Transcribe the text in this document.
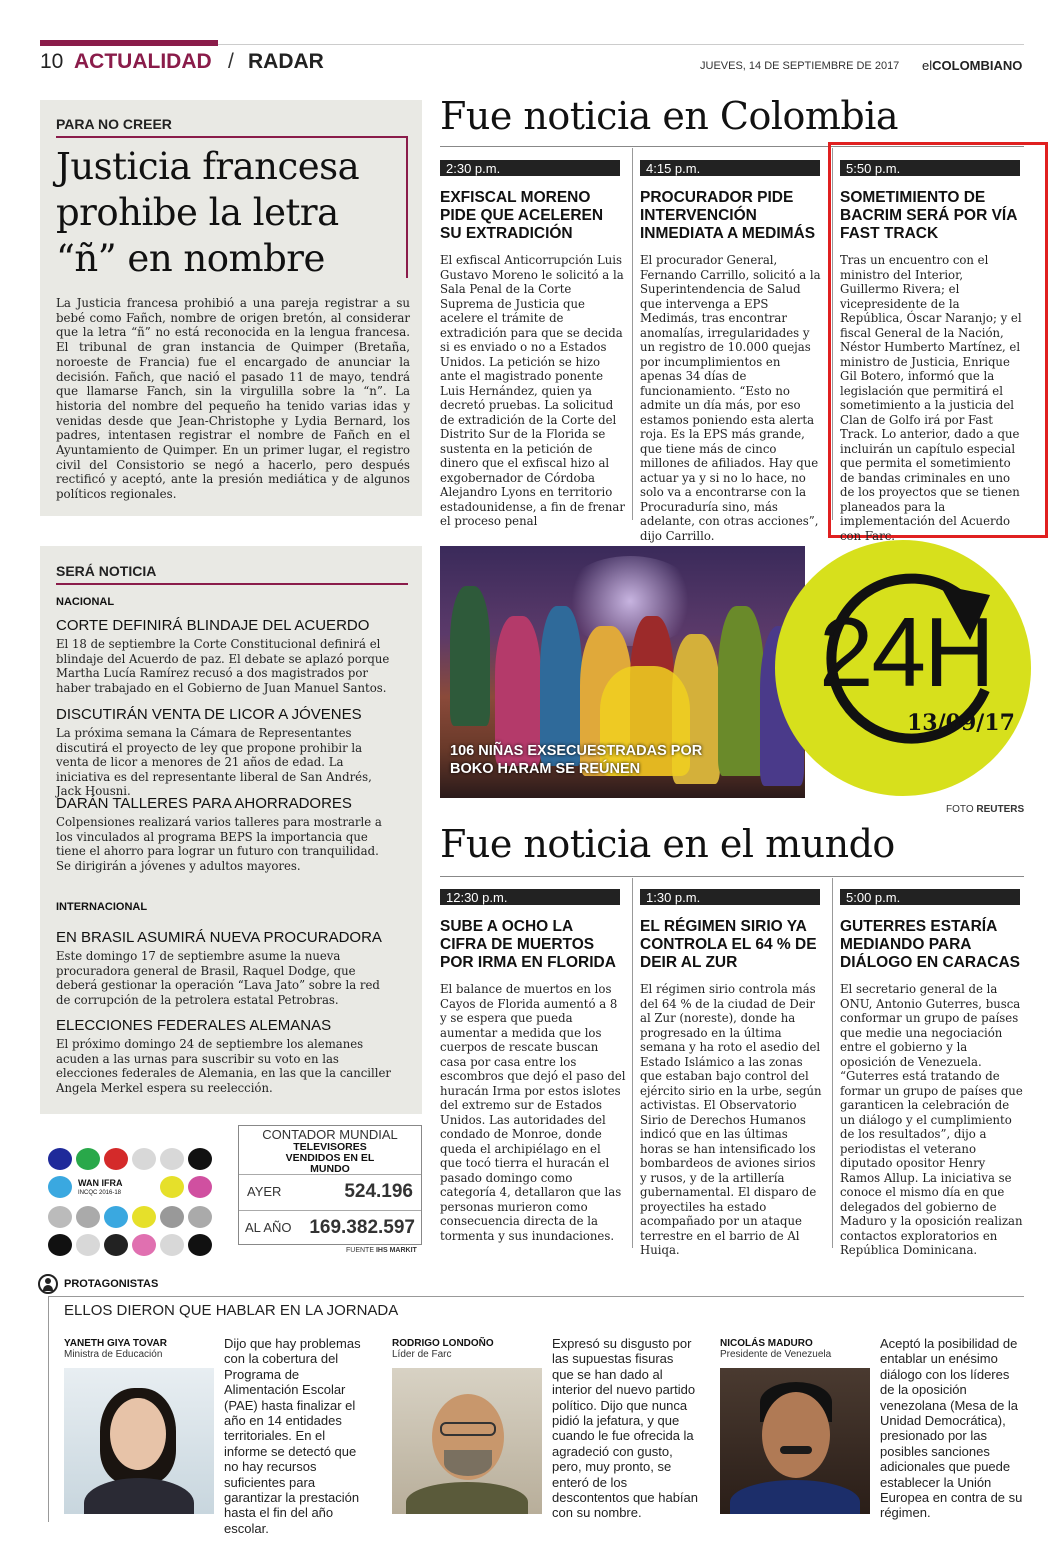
10 ACTUALIDAD / RADAR	JUEVES, 14 DE SEPTIEMBRE DE 2017 elCOLOMBIANO
PARA NO CREER
Justicia francesa
prohibe la letra
“ñ” en nombre
La Justicia francesa prohibió a una pareja registrar a su bebé como Fañch, nombre de origen bretón, al considerar que la letra “ñ” no está reconocida en la lengua francesa. El tribunal de gran instancia de Quimper (Bretaña, noroeste de Francia) fue el encargado de anunciar la decisión. Fañch, que nació el pasado 11 de mayo, tendrá que llamarse Fanch, sin la virgulilla sobre la “n”. La historia del nombre del pequeño ha tenido varias idas y venidas desde que Jean-Christophe y Lydia Bernard, los padres, intentasen registrar el nombre de Fañch en el Ayuntamiento de Quimper. En un primer lugar, el registro civil del Consistorio se negó a hacerlo, pero después rectificó y aceptó, ante la presión mediática y de algunos políticos regionales.
Fue noticia en Colombia
2:30 p.m.
EXFISCAL MORENO PIDE QUE ACELEREN SU EXTRADICIÓN
El exfiscal Anticorrupción Luis Gustavo Moreno le solicitó a la Sala Penal de la Corte Suprema de Justicia que acelere el trámite de extradición para que se decida si es enviado o no a Estados Unidos. La petición se hizo ante el magistrado ponente Luis Hernández, quien ya decretó pruebas. La solicitud de extradición de la Corte del Distrito Sur de la Florida se sustenta en la petición de dinero que el exfiscal hizo al exgobernador de Córdoba Alejandro Lyons en territorio estadounidense, a fin de frenar el proceso penal
4:15 p.m.
PROCURADOR PIDE INTERVENCIÓN INMEDIATA A MEDIMÁS
El procurador General, Fernando Carrillo, solicitó a la Superintendencia de Salud que intervenga a EPS Medimás, tras encontrar anomalías, irregularidades y un registro de 10.000 quejas por incumplimientos en apenas 34 días de funcionamiento. “Esto no admite un día más, por eso estamos poniendo esta alerta roja. Es la EPS más grande, que tiene más de cinco millones de afiliados. Hay que actuar ya y si no lo hace, no solo va a encontrarse con la Procuraduría sino, más adelante, con otras acciones”, dijo Carrillo.
5:50 p.m.
SOMETIMIENTO DE BACRIM SERÁ POR VÍA FAST TRACK
Tras un encuentro con el ministro del Interior, Guillermo Rivera; el vicepresidente de la República, Óscar Naranjo; y el fiscal General de la Nación, Néstor Humberto Martínez, el ministro de Justicia, Enrique Gil Botero, informó que la legislación que permitirá el sometimiento a la justicia del Clan de Golfo irá por Fast Track. Lo anterior, dado a que incluirán un capítulo especial que permita el sometimiento de bandas criminales en uno de los proyectos que se tienen planeados para la implementación del Acuerdo con Farc.
SERÁ NOTICIA
NACIONAL
CORTE DEFINIRÁ BLINDAJE DEL ACUERDO
El 18 de septiembre la Corte Constitucional definirá el blindaje del Acuerdo de paz. El debate se aplazó porque Martha Lucía Ramírez recusó a dos magistrados por haber trabajado en el Gobierno de Juan Manuel Santos.
DISCUTIRÁN VENTA DE LICOR A JÓVENES
La próxima semana la Cámara de Representantes discutirá el proyecto de ley que propone prohibir la venta de licor a menores de 21 años de edad. La iniciativa es del representante liberal de San Andrés, Jack Housni.
DARÁN TALLERES PARA AHORRADORES
Colpensiones realizará varios talleres para mostrarle a los vinculados al programa BEPS la importancia que tiene el ahorro para lograr un futuro con tranquilidad. Se dirigirán a jóvenes y adultos mayores.
INTERNACIONAL
EN BRASIL ASUMIRÁ NUEVA PROCURADORA
Este domingo 17 de septiembre asume la nueva procuradora general de Brasil, Raquel Dodge, que deberá gestionar la operación “Lava Jato” sobre la red de corrupción de la petrolera estatal Petrobras.
ELECCIONES FEDERALES ALEMANAS
El próximo domingo 24 de septiembre los alemanes acuden a las urnas para suscribir su voto en las elecciones federales de Alemania, en las que la canciller Angela Merkel espera su reelección.
106 NIÑAS EXSECUESTRADAS POR BOKO HARAM SE REÚNEN
24H
13/09/17
FOTO REUTERS
Fue noticia en el mundo
12:30 p.m.
SUBE A OCHO LA CIFRA DE MUERTOS POR IRMA EN FLORIDA
El balance de muertos en los Cayos de Florida aumentó a 8 y se espera que pueda aumentar a medida que los cuerpos de rescate buscan casa por casa entre los escombros que dejó el paso del huracán Irma por estos islotes del extremo sur de Estados Unidos. Las autoridades del condado de Monroe, donde queda el archipiélago en el que tocó tierra el huracán el pasado domingo como categoría 4, detallaron que las personas murieron como consecuencia directa de la tormenta y sus inundaciones.
1:30 p.m.
EL RÉGIMEN SIRIO YA CONTROLA EL 64 % DE DEIR AL ZUR
El régimen sirio controla más del 64 % de la ciudad de Deir al Zur (noreste), donde ha progresado en la última semana y ha roto el asedio del Estado Islámico a las zonas que estaban bajo control del ejército sirio en la urbe, según activistas. El Observatorio Sirio de Derechos Humanos indicó que en las últimas horas se han intensificado los bombardeos de aviones sirios y rusos, y de la artillería gubernamental. El disparo de proyectiles ha estado acompañado por un ataque terrestre en el barrio de Al Huiqa.
5:00 p.m.
GUTERRES ESTARÍA MEDIANDO PARA DIÁLOGO EN CARACAS
El secretario general de la ONU, Antonio Guterres, busca conformar un grupo de países que medie una negociación entre el gobierno y la oposición de Venezuela. “Guterres está tratando de formar un grupo de países que garanticen la celebración de un diálogo y el cumplimiento de los resultados”, dijo a periodistas el veterano diputado opositor Henry Ramos Allup. La iniciativa se conoce el mismo día en que delegados del gobierno de Maduro y la oposición realizan contactos exploratorios en República Dominicana.
WAN IFRA
INCQC 2016-18
CONTADOR MUNDIAL
TELEVISORES VENDIDOS EN EL MUNDO
AYER	524.196
AL AÑO 169.382.597
FUENTE IHS MARKIT
PROTAGONISTAS
ELLOS DIERON QUE HABLAR EN LA JORNADA
YANETH GIYA TOVAR
Ministra de Educación
Dijo que hay problemas con la cobertura del Programa de Alimentación Escolar (PAE) hasta finalizar el año en 14 entidades territoriales. En el informe se detectó que no hay recursos suficientes para garantizar la prestación hasta el fin del año escolar.
RODRIGO LONDOÑO
Líder de Farc
Expresó su disgusto por las supuestas fisuras que se han dado al interior del nuevo partido político. Dijo que nunca pidió la jefatura, y que cuando le fue ofrecida la agradeció con gusto, pero, muy pronto, se enteró de los descontentos que habían con su nombre.
NICOLÁS MADURO
Presidente de Venezuela
Aceptó la posibilidad de entablar un enésimo diálogo con los líderes de la oposición venezolana (Mesa de la Unidad Democrática), presionado por las posibles sanciones adicionales que puede establecer la Unión Europea en contra de su régimen.
